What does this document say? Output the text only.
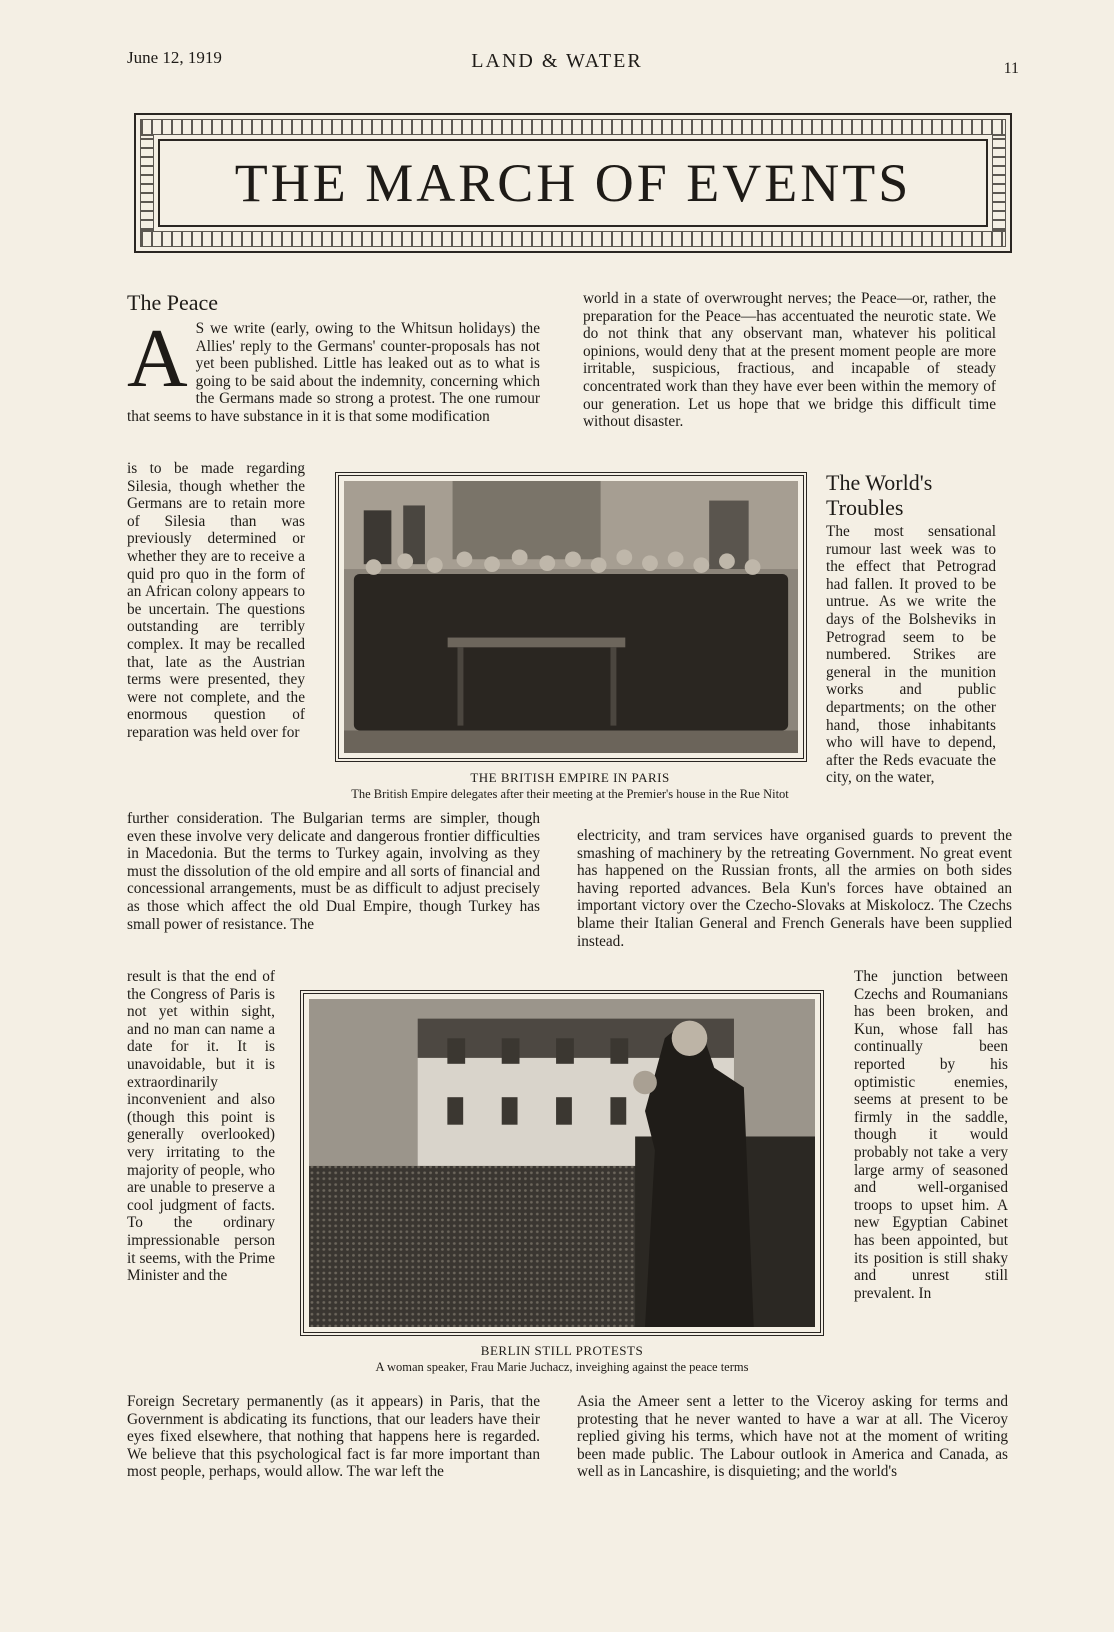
June 12, 1919	LAND & WATER	11
THE MARCH OF EVENTS
The Peace
A S we write (early, owing to the Whitsun holidays) the Allies' reply to the Germans' counter-proposals has not yet been published. Little has leaked out as to what is going to be said about the indemnity, concerning which the Germans made so strong a protest. The one rumour that seems to have substance in it is that some modification
is to be made regarding Silesia, though whether the Germans are to retain more of Silesia than was previously determined or whether they are to receive a quid pro quo in the form of an African colony appears to be uncertain. The questions outstanding are terribly complex. It may be recalled that, late as the Austrian terms were presented, they were not complete, and the enormous question of reparation was held over for
further consideration. The Bulgarian terms are simpler, though even these involve very delicate and dangerous frontier difficulties in Macedonia. But the terms to Turkey again, involving as they must the dissolution of the old empire and all sorts of financial and concessional arrangements, must be as difficult to adjust precisely as those which affect the old Dual Empire, though Turkey has small power of resistance. The
result is that the end of the Congress of Paris is not yet within sight, and no man can name a date for it. It is unavoidable, but it is extraordinarily inconvenient and also (though this point is generally overlooked) very irritating to the majority of people, who are unable to preserve a cool judgment of facts. To the ordinary impressionable person it seems, with the Prime Minister and the
Foreign Secretary permanently (as it appears) in Paris, that the Government is abdicating its functions, that our leaders have their eyes fixed elsewhere, that nothing that happens here is regarded. We believe that this psychological fact is far more important than most people, perhaps, would allow. The war left the
world in a state of overwrought nerves; the Peace—or, rather, the preparation for the Peace—has accentuated the neurotic state. We do not think that any observant man, whatever his political opinions, would deny that at the present moment people are more irritable, suspicious, fractious, and incapable of steady concentrated work than they have ever been within the memory of our generation. Let us hope that we bridge this difficult time without disaster.
The World's Troubles
The most sensational rumour last week was to the effect that Petrograd had fallen. It proved to be untrue. As we write the days of the Bolsheviks in Petrograd seem to be numbered. Strikes are general in the munition works and public departments; on the other hand, those inhabitants who will have to depend, after the Reds evacuate the city, on the water,
electricity, and tram services have organised guards to prevent the smashing of machinery by the retreating Government. No great event has happened on the Russian fronts, all the armies on both sides having reported advances. Bela Kun's forces have obtained an important victory over the Czecho-Slovaks at Miskolocz. The Czechs blame their Italian General and French Generals have been supplied instead.
The junction between Czechs and Roumanians has been broken, and Kun, whose fall has continually been reported by his optimistic enemies, seems at present to be firmly in the saddle, though it would probably not take a very large army of seasoned and well-organised troops to upset him. A new Egyptian Cabinet has been appointed, but its position is still shaky and unrest still prevalent. In
Asia the Ameer sent a letter to the Viceroy asking for terms and protesting that he never wanted to have a war at all. The Viceroy replied giving his terms, which have not at the moment of writing been made public. The Labour outlook in America and Canada, as well as in Lancashire, is disquieting; and the world's
THE BRITISH EMPIRE IN PARIS
The British Empire delegates after their meeting at the Premier's house in the Rue Nitot
BERLIN STILL PROTESTS
A woman speaker, Frau Marie Juchacz, inveighing against the peace terms
